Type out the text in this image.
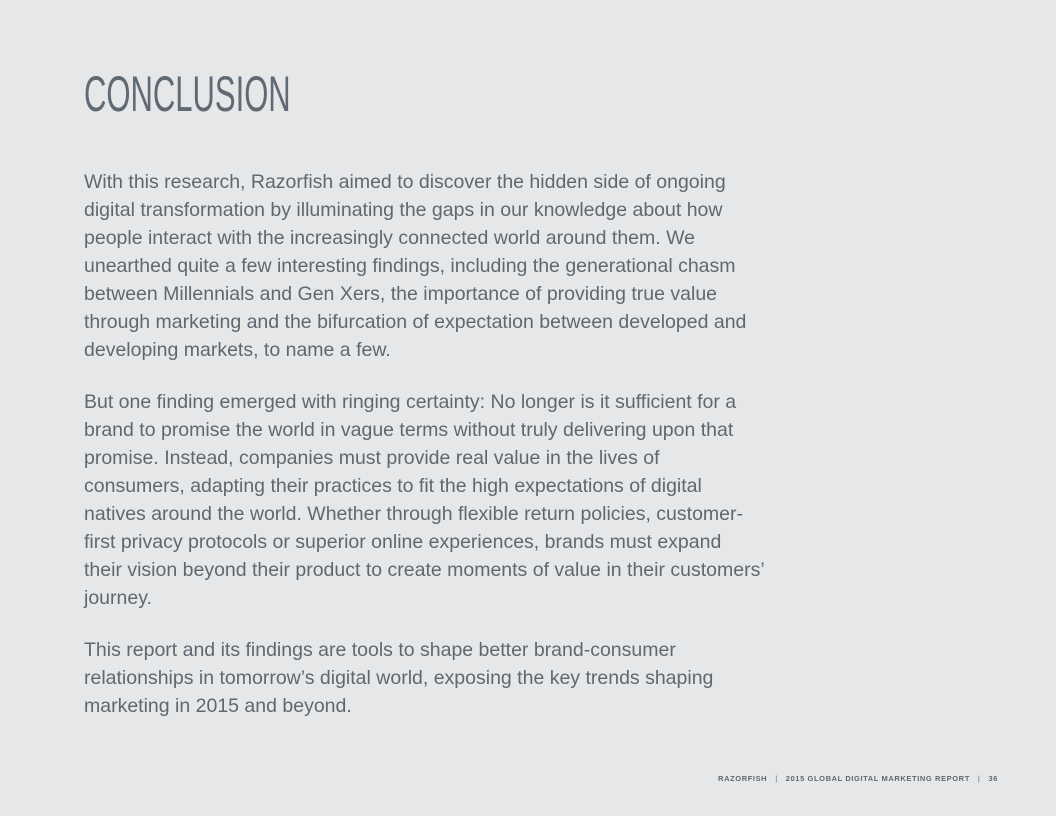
CONCLUSION

With this research, Razorfish aimed to discover the hidden side of ongoing digital transformation by illuminating the gaps in our knowledge about how people interact with the increasingly connected world around them. We unearthed quite a few interesting findings, including the generational chasm between Millennials and Gen Xers, the importance of providing true value through marketing and the bifurcation of expectation between developed and developing markets, to name a few.

But one finding emerged with ringing certainty: No longer is it sufficient for a brand to promise the world in vague terms without truly delivering upon that promise. Instead, companies must provide real value in the lives of consumers, adapting their practices to fit the high expectations of digital natives around the world. Whether through flexible return policies, customer-first privacy protocols or superior online experiences, brands must expand their vision beyond their product to create moments of value in their customers’ journey.

This report and its findings are tools to shape better brand-consumer relationships in tomorrow’s digital world, exposing the key trends shaping marketing in 2015 and beyond.

RAZORFISH | 2015 GLOBAL DIGITAL MARKETING REPORT | 36
